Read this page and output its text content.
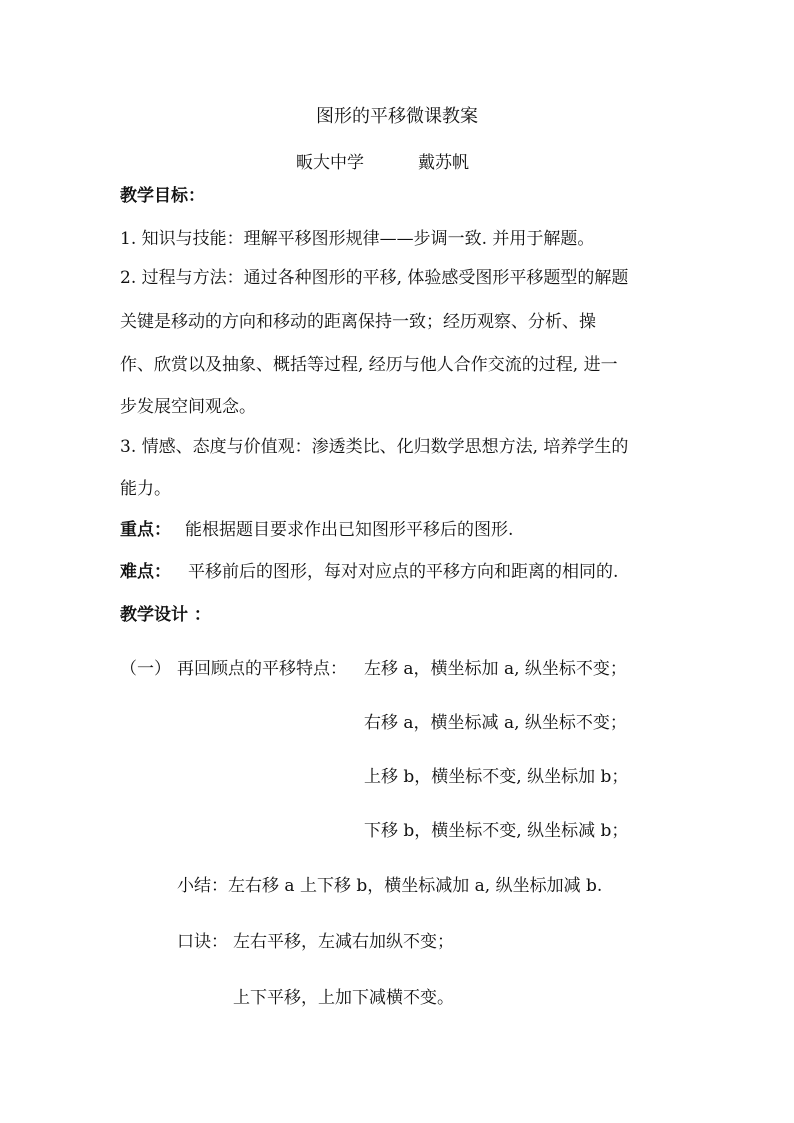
图形的平移微课教案
畈大中学	戴苏帆
教学目标：
1. 知识与技能：理解平移图形规律——步调一致. 并用于解题。
2. 过程与方法：通过各种图形的平移, 体验感受图形平移题型的解题
关键是移动的方向和移动的距离保持一致；经历观察、分析、操
作、欣赏以及抽象、概括等过程, 经历与他人合作交流的过程, 进一
步发展空间观念。
3. 情感、态度与价值观：渗透类比、化归数学思想方法, 培养学生的
能力。
重点： 能根据题目要求作出已知图形平移后的图形.
难点： 平移前后的图形，每对对应点的平移方向和距离的相同的.
教学设计 ：
（一） 再回顾点的平移特点： 左移 a，横坐标加 a, 纵坐标不变；
右移 a，横坐标减 a, 纵坐标不变；
上移 b，横坐标不变, 纵坐标加 b；
下移 b，横坐标不变, 纵坐标减 b；
小结：左右移 a 上下移 b，横坐标减加 a, 纵坐标加减 b.
口诀： 左右平移，左减右加纵不变；
上下平移，上加下减横不变。
